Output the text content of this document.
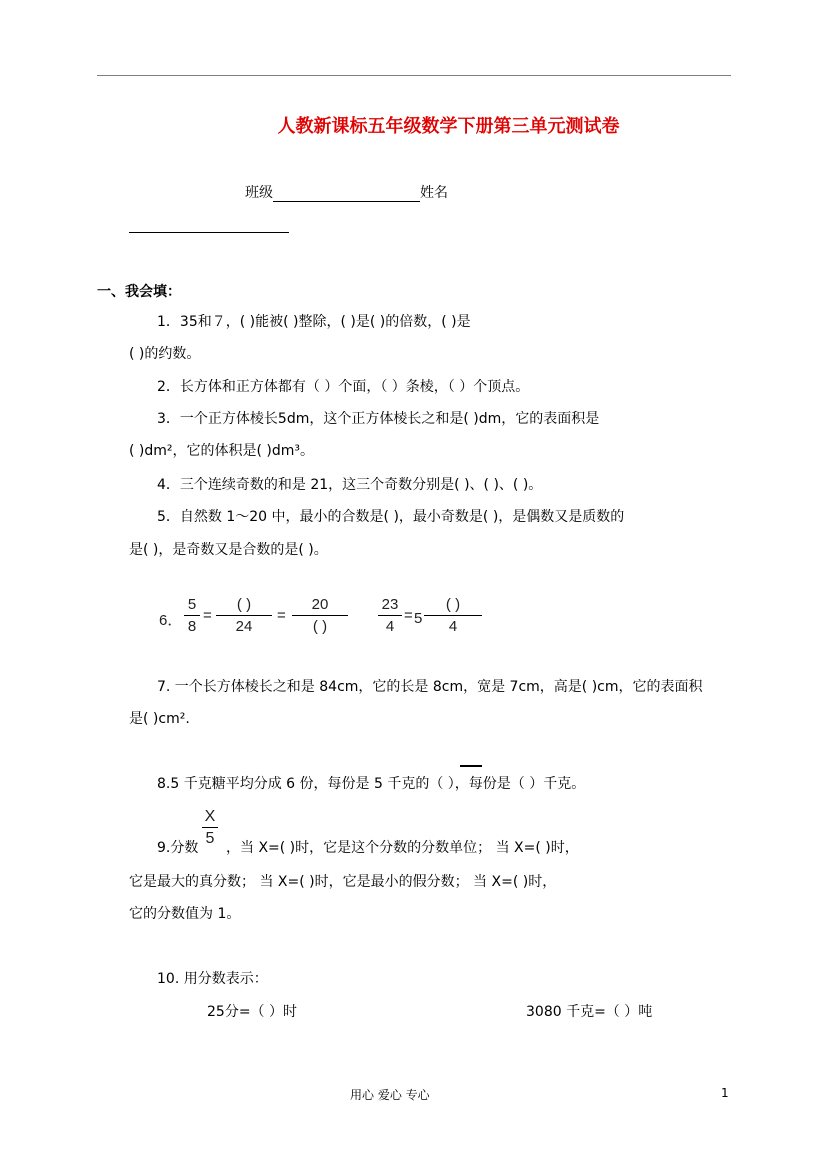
人教新课标五年级数学下册第三单元测试卷
班级	姓名
一、我会填：
1．35和７，( )能被( )整除，( )是( )的倍数，( )是
( )的约数。
2．长方体和正方体都有（ ）个面，（ ）条棱，（ ）个顶点。
3．一个正方体棱长5dm，这个正方体棱长之和是( )dm，它的表面积是
( )dm²，它的体积是( )dm³。
4．三个连续奇数的和是 21，这三个奇数分别是( )、( )、( )。
5．自然数 1～20 中，最小的合数是( )，最小奇数是( )，是偶数又是质数的
是( )，是奇数又是合数的是( )。
6．
5
8
=
( )
24
=
20
( )
23
4
= 5
( )
4
7. 一个长方体棱长之和是 84cm，它的长是 8cm，宽是 7cm，高是( )cm，它的表面积
是( )cm².
8.5 千克糖平均分成 6 份，每份是 5 千克的（ ），每份是（ ）千克。
9.分数
X
5
，当 X=( )时，它是这个分数的分数单位； 当 X=( )时，
它是最大的真分数； 当 X=( )时，它是最小的假分数； 当 X=( )时，
它的分数值为 1。
10. 用分数表示：
25分=（ ）时	3080 千克=（ ）吨
用心 爱心 专心	1
